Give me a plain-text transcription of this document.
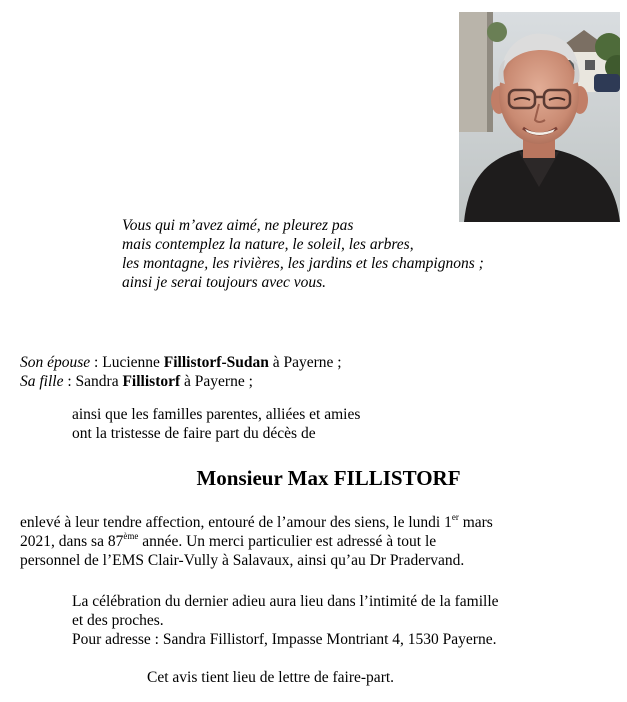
Vous qui m’avez aimé, ne pleurez pas
mais contemplez la nature, le soleil, les arbres,
les montagne, les rivières, les jardins et les champignons ;
ainsi je serai toujours avec vous.
Son épouse : Lucienne Fillistorf-Sudan à Payerne ;
Sa fille : Sandra Fillistorf à Payerne ;
ainsi que les familles parentes, alliées et amies
ont la tristesse de faire part du décès de
Monsieur Max FILLISTORF
enlevé à leur tendre affection, entouré de l’amour des siens, le lundi 1er mars
2021, dans sa 87ème année. Un merci particulier est adressé à tout le
personnel de l’EMS Clair-Vully à Salavaux, ainsi qu’au Dr Pradervand.
La célébration du dernier adieu aura lieu dans l’intimité de la famille
et des proches.
Pour adresse : Sandra Fillistorf, Impasse Montriant 4, 1530 Payerne.
Cet avis tient lieu de lettre de faire-part.
